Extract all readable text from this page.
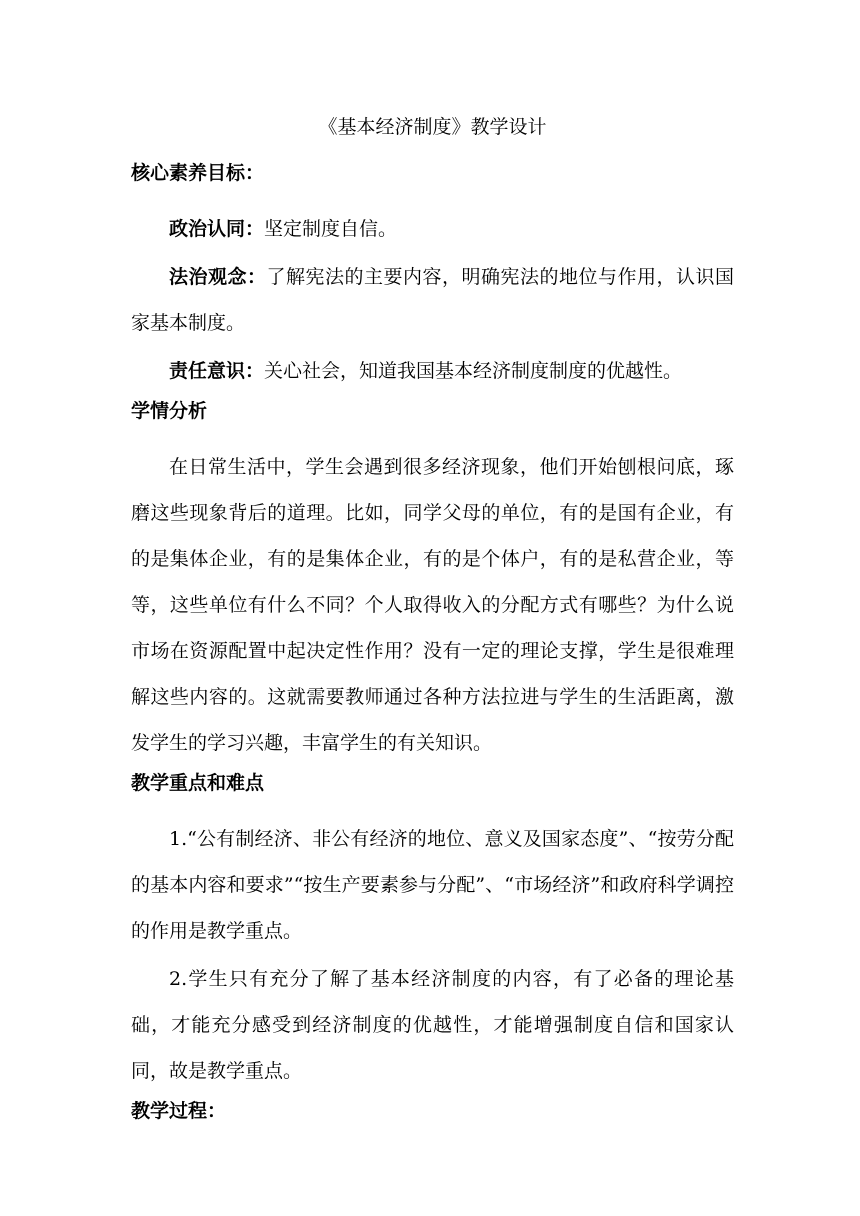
《基本经济制度》教学设计
核心素养目标：

政治认同：坚定制度自信。

法治观念：了解宪法的主要内容，明确宪法的地位与作用，认识国家基本制度。

责任意识：关心社会，知道我国基本经济制度制度的优越性。

学情分析

在日常生活中，学生会遇到很多经济现象，他们开始刨根问底，琢磨这些现象背后的道理。比如，同学父母的单位，有的是国有企业，有的是集体企业，有的是集体企业，有的是个体户，有的是私营企业，等等，这些单位有什么不同？个人取得收入的分配方式有哪些？为什么说市场在资源配置中起决定性作用？没有一定的理论支撑，学生是很难理解这些内容的。这就需要教师通过各种方法拉进与学生的生活距离，激发学生的学习兴趣，丰富学生的有关知识。

教学重点和难点

1.“公有制经济、非公有经济的地位、意义及国家态度”、“按劳分配的基本内容和要求”“按生产要素参与分配”、“市场经济”和政府科学调控的作用是教学重点。

2.学生只有充分了解了基本经济制度的内容，有了必备的理论基础，才能充分感受到经济制度的优越性，才能增强制度自信和国家认同，故是教学重点。

教学过程：
